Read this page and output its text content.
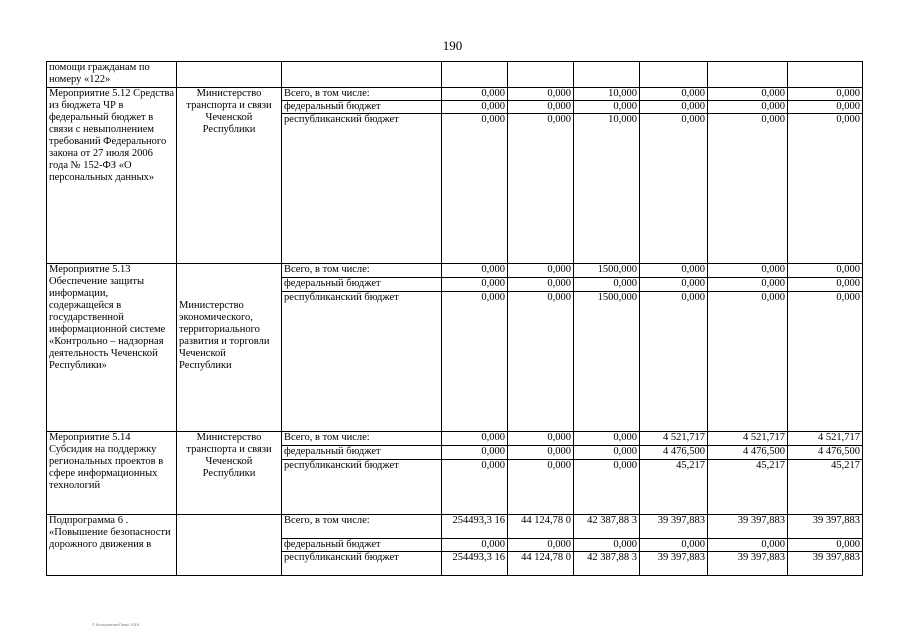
190
помощи гражданам по номеру «122»								
Мероприятие 5.12 Средства из бюджета ЧР в федеральный бюджет в связи с невыполнением требований Федерального закона от 27 июля 2006 года № 152-ФЗ «О персональных данных»	Министерство транспорта и связи Чеченской Республики	Всего, в том числе:	0,000	0,000	10,000	0,000	0,000	0,000
		федеральный бюджет	0,000	0,000	0,000	0,000	0,000	0,000
		республиканский бюджет	0,000	0,000	10,000	0,000	0,000	0,000
Мероприятие 5.13 Обеспечение защиты информации, содержащейся в государственной информационной системе «Контрольно – надзорная деятельность Чеченской Республики»	Министерство экономического, территориального развития и торговли Чеченской Республики	Всего, в том числе:	0,000	0,000	1500,000	0,000	0,000	0,000
		федеральный бюджет	0,000	0,000	0,000	0,000	0,000	0,000
		республиканский бюджет	0,000	0,000	1500,000	0,000	0,000	0,000
Мероприятие 5.14 Субсидия на поддержку региональных проектов в сфере информационных технологий	Министерство транспорта и связи Чеченской Республики	Всего, в том числе:	0,000	0,000	0,000	4 521,717	4 521,717	4 521,717
		федеральный бюджет	0,000	0,000	0,000	4 476,500	4 476,500	4 476,500
		республиканский бюджет	0,000	0,000	0,000	45,217	45,217	45,217
Подпрограмма 6 . «Повышение безопасности дорожного движения в		Всего, в том числе:	254493,3 16	44 124,78 0	42 387,88 3	39 397,883	39 397,883	39 397,883
		федеральный бюджет	0,000	0,000	0,000	0,000	0,000	0,000
		республиканский бюджет	254493,3 16	44 124,78 0	42 387,88 3	39 397,883	39 397,883	39 397,883
© КонсультантПлюс 2015
